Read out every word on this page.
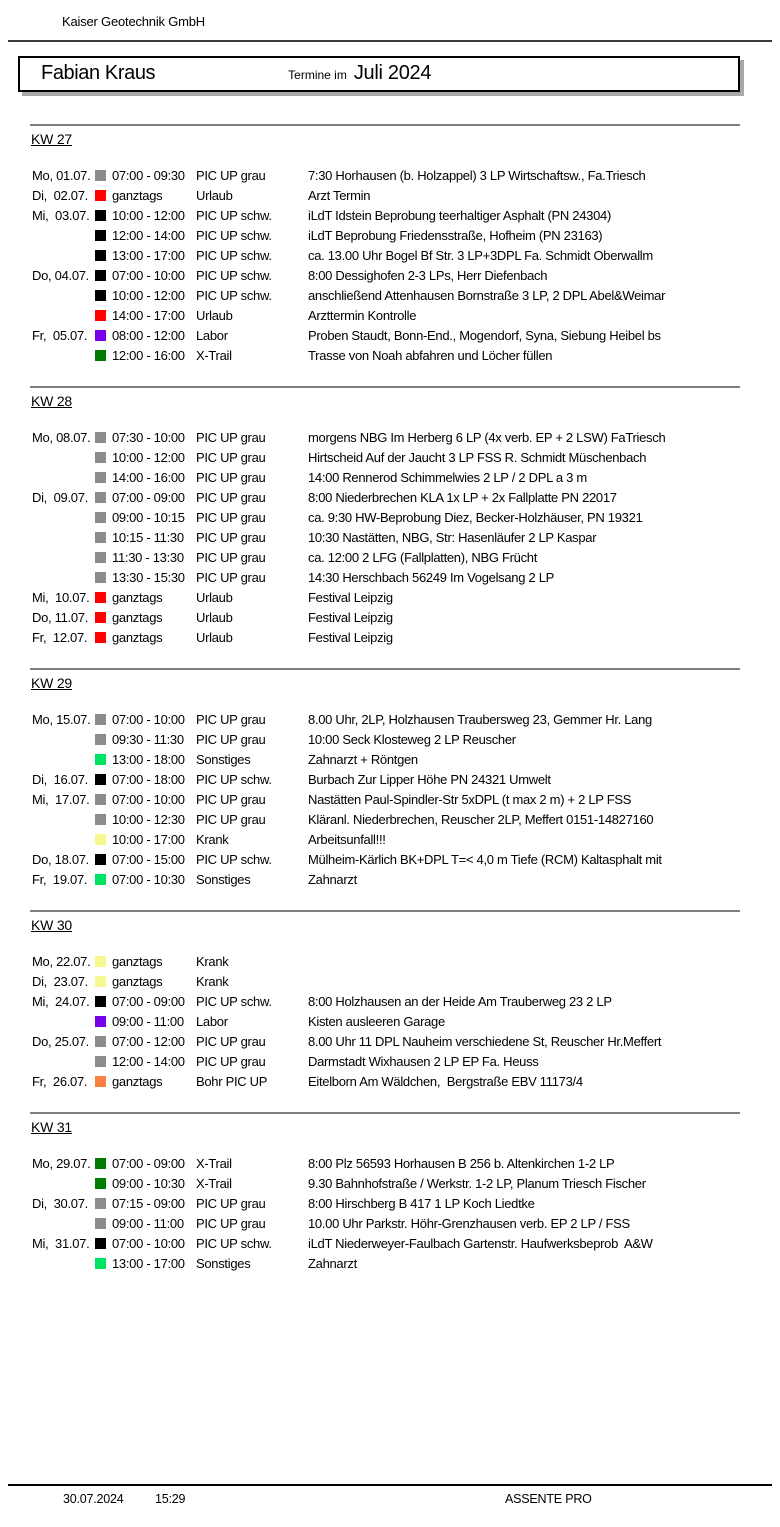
Kaiser Geotechnik GmbH
Fabian Kraus	Termine im Juli 2024
KW 27
Mo, 01.07. 07:00 - 09:30 PIC UP grau	7:30 Horhausen (b. Holzappel) 3 LP Wirtschaftsw., Fa.Triesch
Di,  02.07. ganztags	Urlaub	Arzt Termin
Mi,  03.07. 10:00 - 12:00 PIC UP schw.	iLdT Idstein Beprobung teerhaltiger Asphalt (PN 24304)
12:00 - 14:00 PIC UP schw.	iLdT Beprobung Friedensstraße, Hofheim (PN 23163)
13:00 - 17:00 PIC UP schw.	ca. 13.00 Uhr Bogel Bf Str. 3 LP+3DPL Fa. Schmidt Oberwallm
Do, 04.07. 07:00 - 10:00 PIC UP schw.	8:00 Dessighofen 2-3 LPs, Herr Diefenbach
10:00 - 12:00 PIC UP schw.	anschließend Attenhausen Bornstraße 3 LP, 2 DPL Abel&Weimar
14:00 - 17:00 Urlaub	Arzttermin Kontrolle
Fr,  05.07. 08:00 - 12:00 Labor	Proben Staudt, Bonn-End., Mogendorf, Syna, Siebung Heibel bs
12:00 - 16:00 X-Trail	Trasse von Noah abfahren und Löcher füllen
KW 28
Mo, 08.07. 07:30 - 10:00 PIC UP grau	morgens NBG Im Herberg 6 LP (4x verb. EP + 2 LSW) FaTriesch
10:00 - 12:00 PIC UP grau	Hirtscheid Auf der Jaucht 3 LP FSS R. Schmidt Müschenbach
14:00 - 16:00 PIC UP grau	14:00 Rennerod Schimmelwies 2 LP / 2 DPL a 3 m
Di,  09.07. 07:00 - 09:00 PIC UP grau	8:00 Niederbrechen KLA 1x LP + 2x Fallplatte PN 22017
09:00 - 10:15 PIC UP grau	ca. 9:30 HW-Beprobung Diez, Becker-Holzhäuser, PN 19321
10:15 - 11:30 PIC UP grau	10:30 Nastätten, NBG, Str: Hasenläufer 2 LP Kaspar
11:30 - 13:30 PIC UP grau	ca. 12:00 2 LFG (Fallplatten), NBG Frücht
13:30 - 15:30 PIC UP grau	14:30 Herschbach 56249 Im Vogelsang 2 LP
Mi,  10.07. ganztags	Urlaub	Festival Leipzig
Do, 11.07. ganztags	Urlaub	Festival Leipzig
Fr,  12.07. ganztags	Urlaub	Festival Leipzig
KW 29
Mo, 15.07. 07:00 - 10:00 PIC UP grau	8.00 Uhr, 2LP, Holzhausen Traubersweg 23, Gemmer Hr. Lang
09:30 - 11:30 PIC UP grau	10:00 Seck Klosteweg 2 LP Reuscher
13:00 - 18:00 Sonstiges	Zahnarzt + Röntgen
Di,  16.07. 07:00 - 18:00 PIC UP schw.	Burbach Zur Lipper Höhe PN 24321 Umwelt
Mi,  17.07. 07:00 - 10:00 PIC UP grau	Nastätten Paul-Spindler-Str 5xDPL (t max 2 m) + 2 LP FSS
10:00 - 12:30 PIC UP grau	Kläranl. Niederbrechen, Reuscher 2LP, Meffert 0151-14827160
10:00 - 17:00 Krank	Arbeitsunfall!!!
Do, 18.07. 07:00 - 15:00 PIC UP schw.	Mülheim-Kärlich BK+DPL T=< 4,0 m Tiefe (RCM) Kaltasphalt mit
Fr,  19.07. 07:00 - 10:30 Sonstiges	Zahnarzt
KW 30
Mo, 22.07. ganztags	Krank
Di,  23.07. ganztags	Krank
Mi,  24.07. 07:00 - 09:00 PIC UP schw.	8:00 Holzhausen an der Heide Am Trauberweg 23 2 LP
09:00 - 11:00 Labor	Kisten ausleeren Garage
Do, 25.07. 07:00 - 12:00 PIC UP grau	8.00 Uhr 11 DPL Nauheim verschiedene St, Reuscher Hr.Meffert
12:00 - 14:00 PIC UP grau	Darmstadt Wixhausen 2 LP EP Fa. Heuss
Fr,  26.07. ganztags	Bohr PIC UP	Eitelborn Am Wäldchen,  Bergstraße EBV 11173/4
KW 31
Mo, 29.07. 07:00 - 09:00 X-Trail	8:00 Plz 56593 Horhausen B 256 b. Altenkirchen 1-2 LP
09:00 - 10:30 X-Trail	9.30 Bahnhofstraße / Werkstr. 1-2 LP, Planum Triesch Fischer
Di,  30.07. 07:15 - 09:00 PIC UP grau	8:00 Hirschberg B 417 1 LP Koch Liedtke
09:00 - 11:00 PIC UP grau	10.00 Uhr Parkstr. Höhr-Grenzhausen verb. EP 2 LP / FSS
Mi,  31.07. 07:00 - 10:00 PIC UP schw.	iLdT Niederweyer-Faulbach Gartenstr. Haufwerksbeprob  A&W
13:00 - 17:00 Sonstiges	Zahnarzt
30.07.2024	15:29	ASSENTE PRO
